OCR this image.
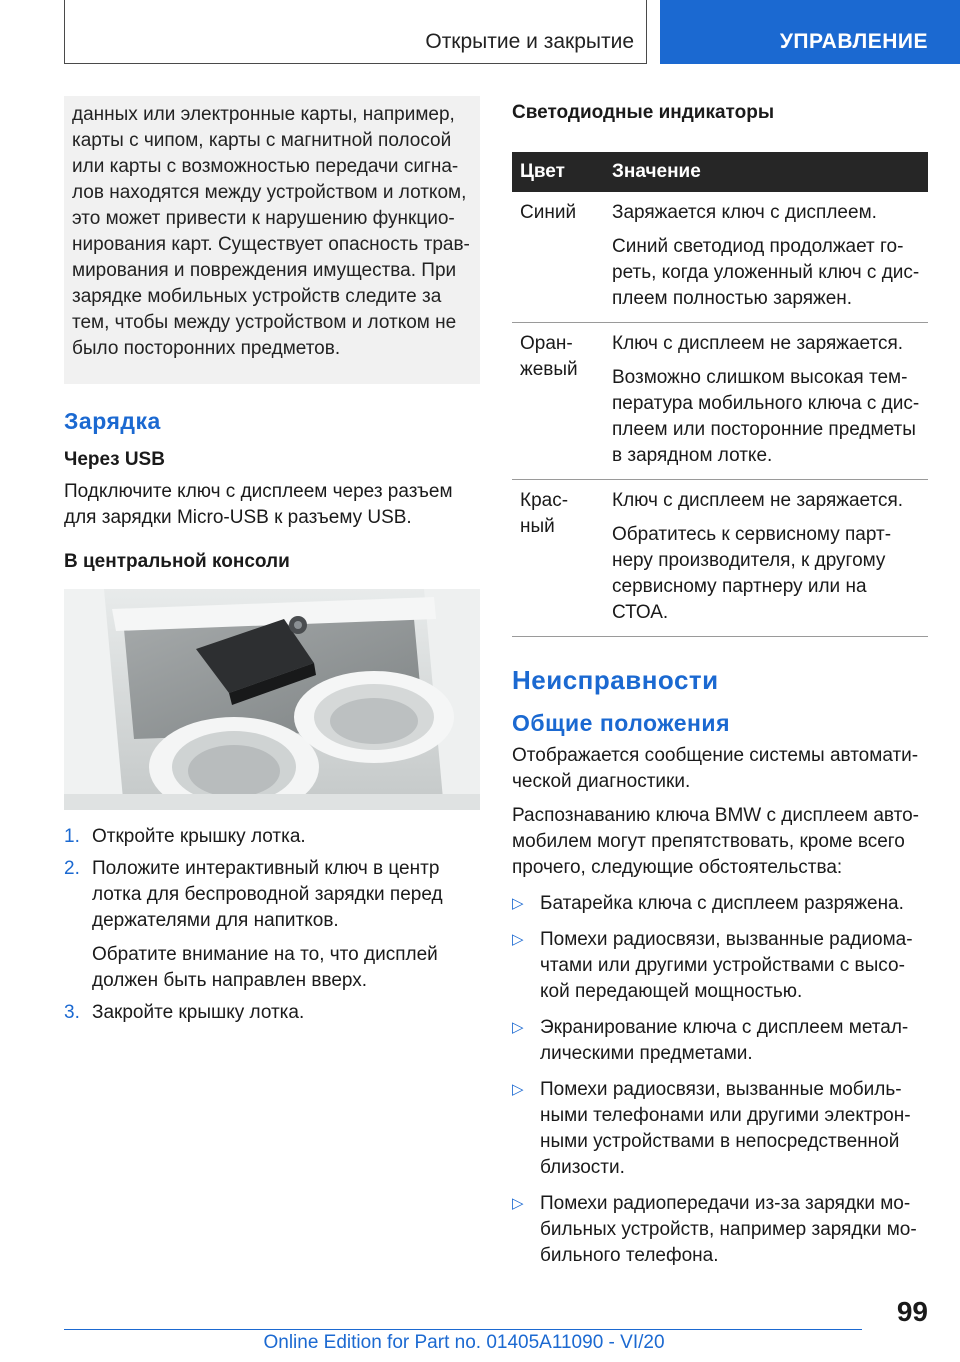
Открытие и закрытие	УПРАВЛЕНИЕ

данных или электронные карты, например, карты с чипом, карты с магнитной полосой или карты с возможностью передачи сигналов находятся между устройством и лотком, это может привести к нарушению функционирования карт. Существует опасность травмирования и повреждения имущества. При зарядке мобильных устройств следите за тем, чтобы между устройством и лотком не было посторонних предметов.

Зарядка
Через USB

Подключите ключ с дисплеем через разъем для зарядки Micro-USB к разъему USB.

В центральной консоли
1. Откройте крышку лотка.

2. Положите интерактивный ключ в центр лотка для беспроводной зарядки перед держателями для напитков.

Обратите внимание на то, что дисплей должен быть направлен вверх.

3. Закройте крышку лотка.

Светодиодные индикаторы
Цвет	Значение
Синий	Заряжается ключ с дисплеем.

Синий светодиод продолжает гореть, когда уложенный ключ с дисплеем полностью заряжен.

Оранжевый	Ключ с дисплеем не заряжается.

Возможно слишком высокая температура мобильного ключа с дисплеем или посторонние предметы в зарядном лотке.

Красный	Ключ с дисплеем не заряжается.

Обратитесь к сервисному партнеру производителя, к другому сервисному партнеру или на СТОА.

Неисправности
Общие положения

Отображается сообщение системы автоматической диагностики.

Распознаванию ключа BMW с дисплеем автомобилем могут препятствовать, кроме всего прочего, следующие обстоятельства:

▷ Батарейка ключа с дисплеем разряжена.
▷ Помехи радиосвязи, вызванные радиомачтами или другими устройствами с высокой передающей мощностью.
▷ Экранирование ключа с дисплеем металлическими предметами.
▷ Помехи радиосвязи, вызванные мобильными телефонами или другими электронными устройствами в непосредственной близости.
▷ Помехи радиопередачи из-за зарядки мобильных устройств, например зарядки мобильного телефона.
99
Online Edition for Part no. 01405A11090 - VI/20
